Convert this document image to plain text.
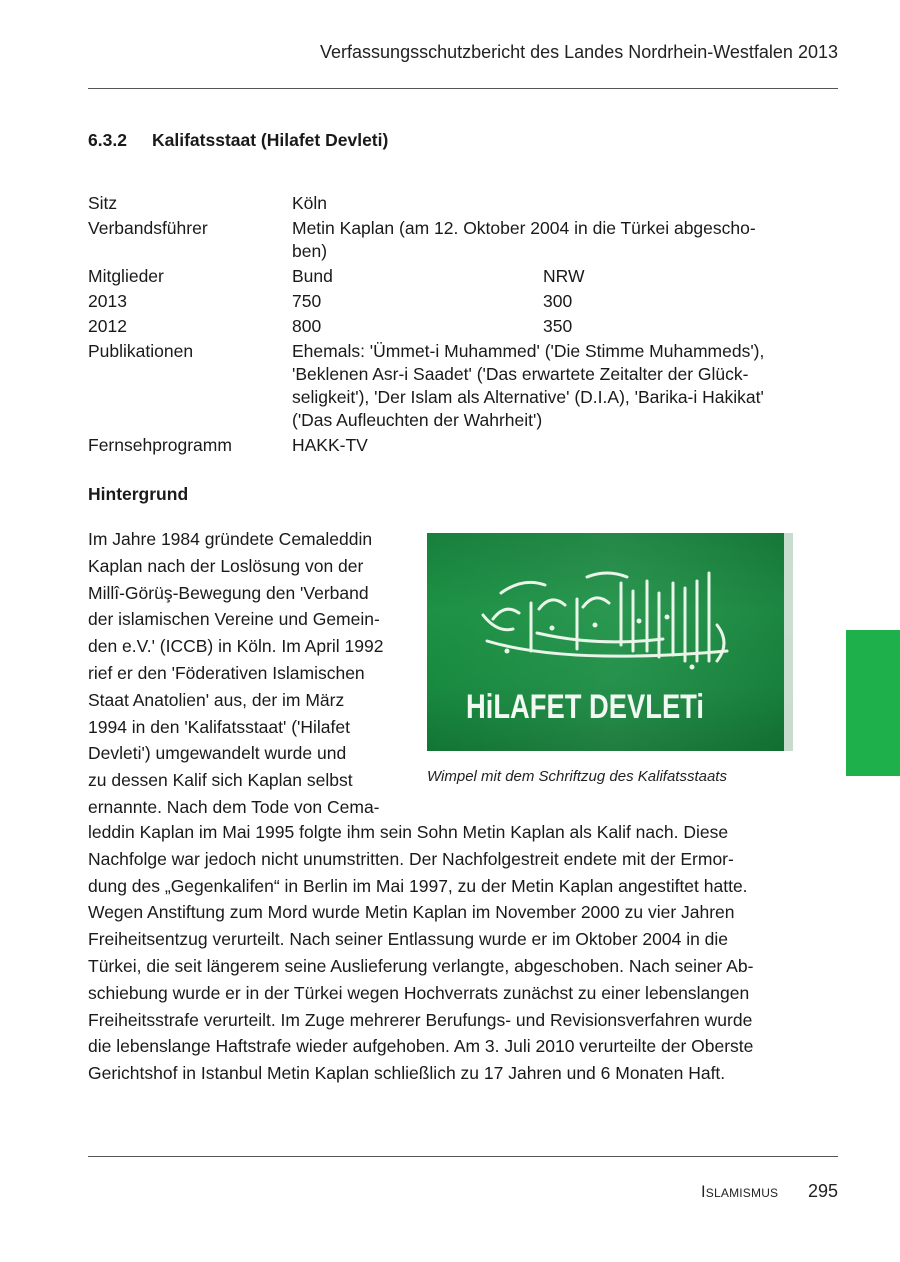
Verfassungsschutzbericht des Landes Nordrhein-Westfalen 2013
6.3.2 Kalifatsstaat (Hilafet Devleti)
Sitz	Köln	
Verbandsführer	Metin Kaplan (am 12. Oktober 2004 in die Türkei abgescho-
ben)	
Mitglieder	Bund	NRW
2013	750	300
2012	800	350
Publikationen	Ehemals: 'Ümmet-i Muhammed' ('Die Stimme Muhammeds'),
'Beklenen Asr-i Saadet' ('Das erwartete Zeitalter der Glück-
seligkeit'), 'Der Islam als Alternative' (D.I.A), 'Barika-i Hakikat'
('Das Aufleuchten der Wahrheit')	
Fernsehprogramm	HAKK-TV	
Hintergrund
Im Jahre 1984 gründete Cemaleddin
Kaplan nach der Loslösung von der
Millî-Görüş-Bewegung den 'Verband
der islamischen Vereine und Gemein-
den e.V.' (ICCB) in Köln. Im April 1992
rief er den 'Föderativen Islamischen
Staat Anatolien' aus, der im März
1994 in den 'Kalifatsstaat' ('Hilafet
Devleti') umgewandelt wurde und
zu dessen Kalif sich Kaplan selbst
ernannte. Nach dem Tode von Cema-
HiLAFET DEVLETi
Wimpel mit dem Schriftzug des Kalifatsstaats
leddin Kaplan im Mai 1995 folgte ihm sein Sohn Metin Kaplan als Kalif nach. Diese
Nachfolge war jedoch nicht unumstritten. Der Nachfolgestreit endete mit der Ermor-
dung des „Gegenkalifen“ in Berlin im Mai 1997, zu der Metin Kaplan angestiftet hatte.
Wegen Anstiftung zum Mord wurde Metin Kaplan im November 2000 zu vier Jahren
Freiheitsentzug verurteilt. Nach seiner Entlassung wurde er im Oktober 2004 in die
Türkei, die seit längerem seine Auslieferung verlangte, abgeschoben. Nach seiner Ab-
schiebung wurde er in der Türkei wegen Hochverrats zunächst zu einer lebenslangen
Freiheitsstrafe verurteilt. Im Zuge mehrerer Berufungs- und Revisionsverfahren wurde
die lebenslange Haftstrafe wieder aufgehoben. Am 3. Juli 2010 verurteilte der Oberste
Gerichtshof in Istanbul Metin Kaplan schließlich zu 17 Jahren und 6 Monaten Haft.
Islamismus 295
